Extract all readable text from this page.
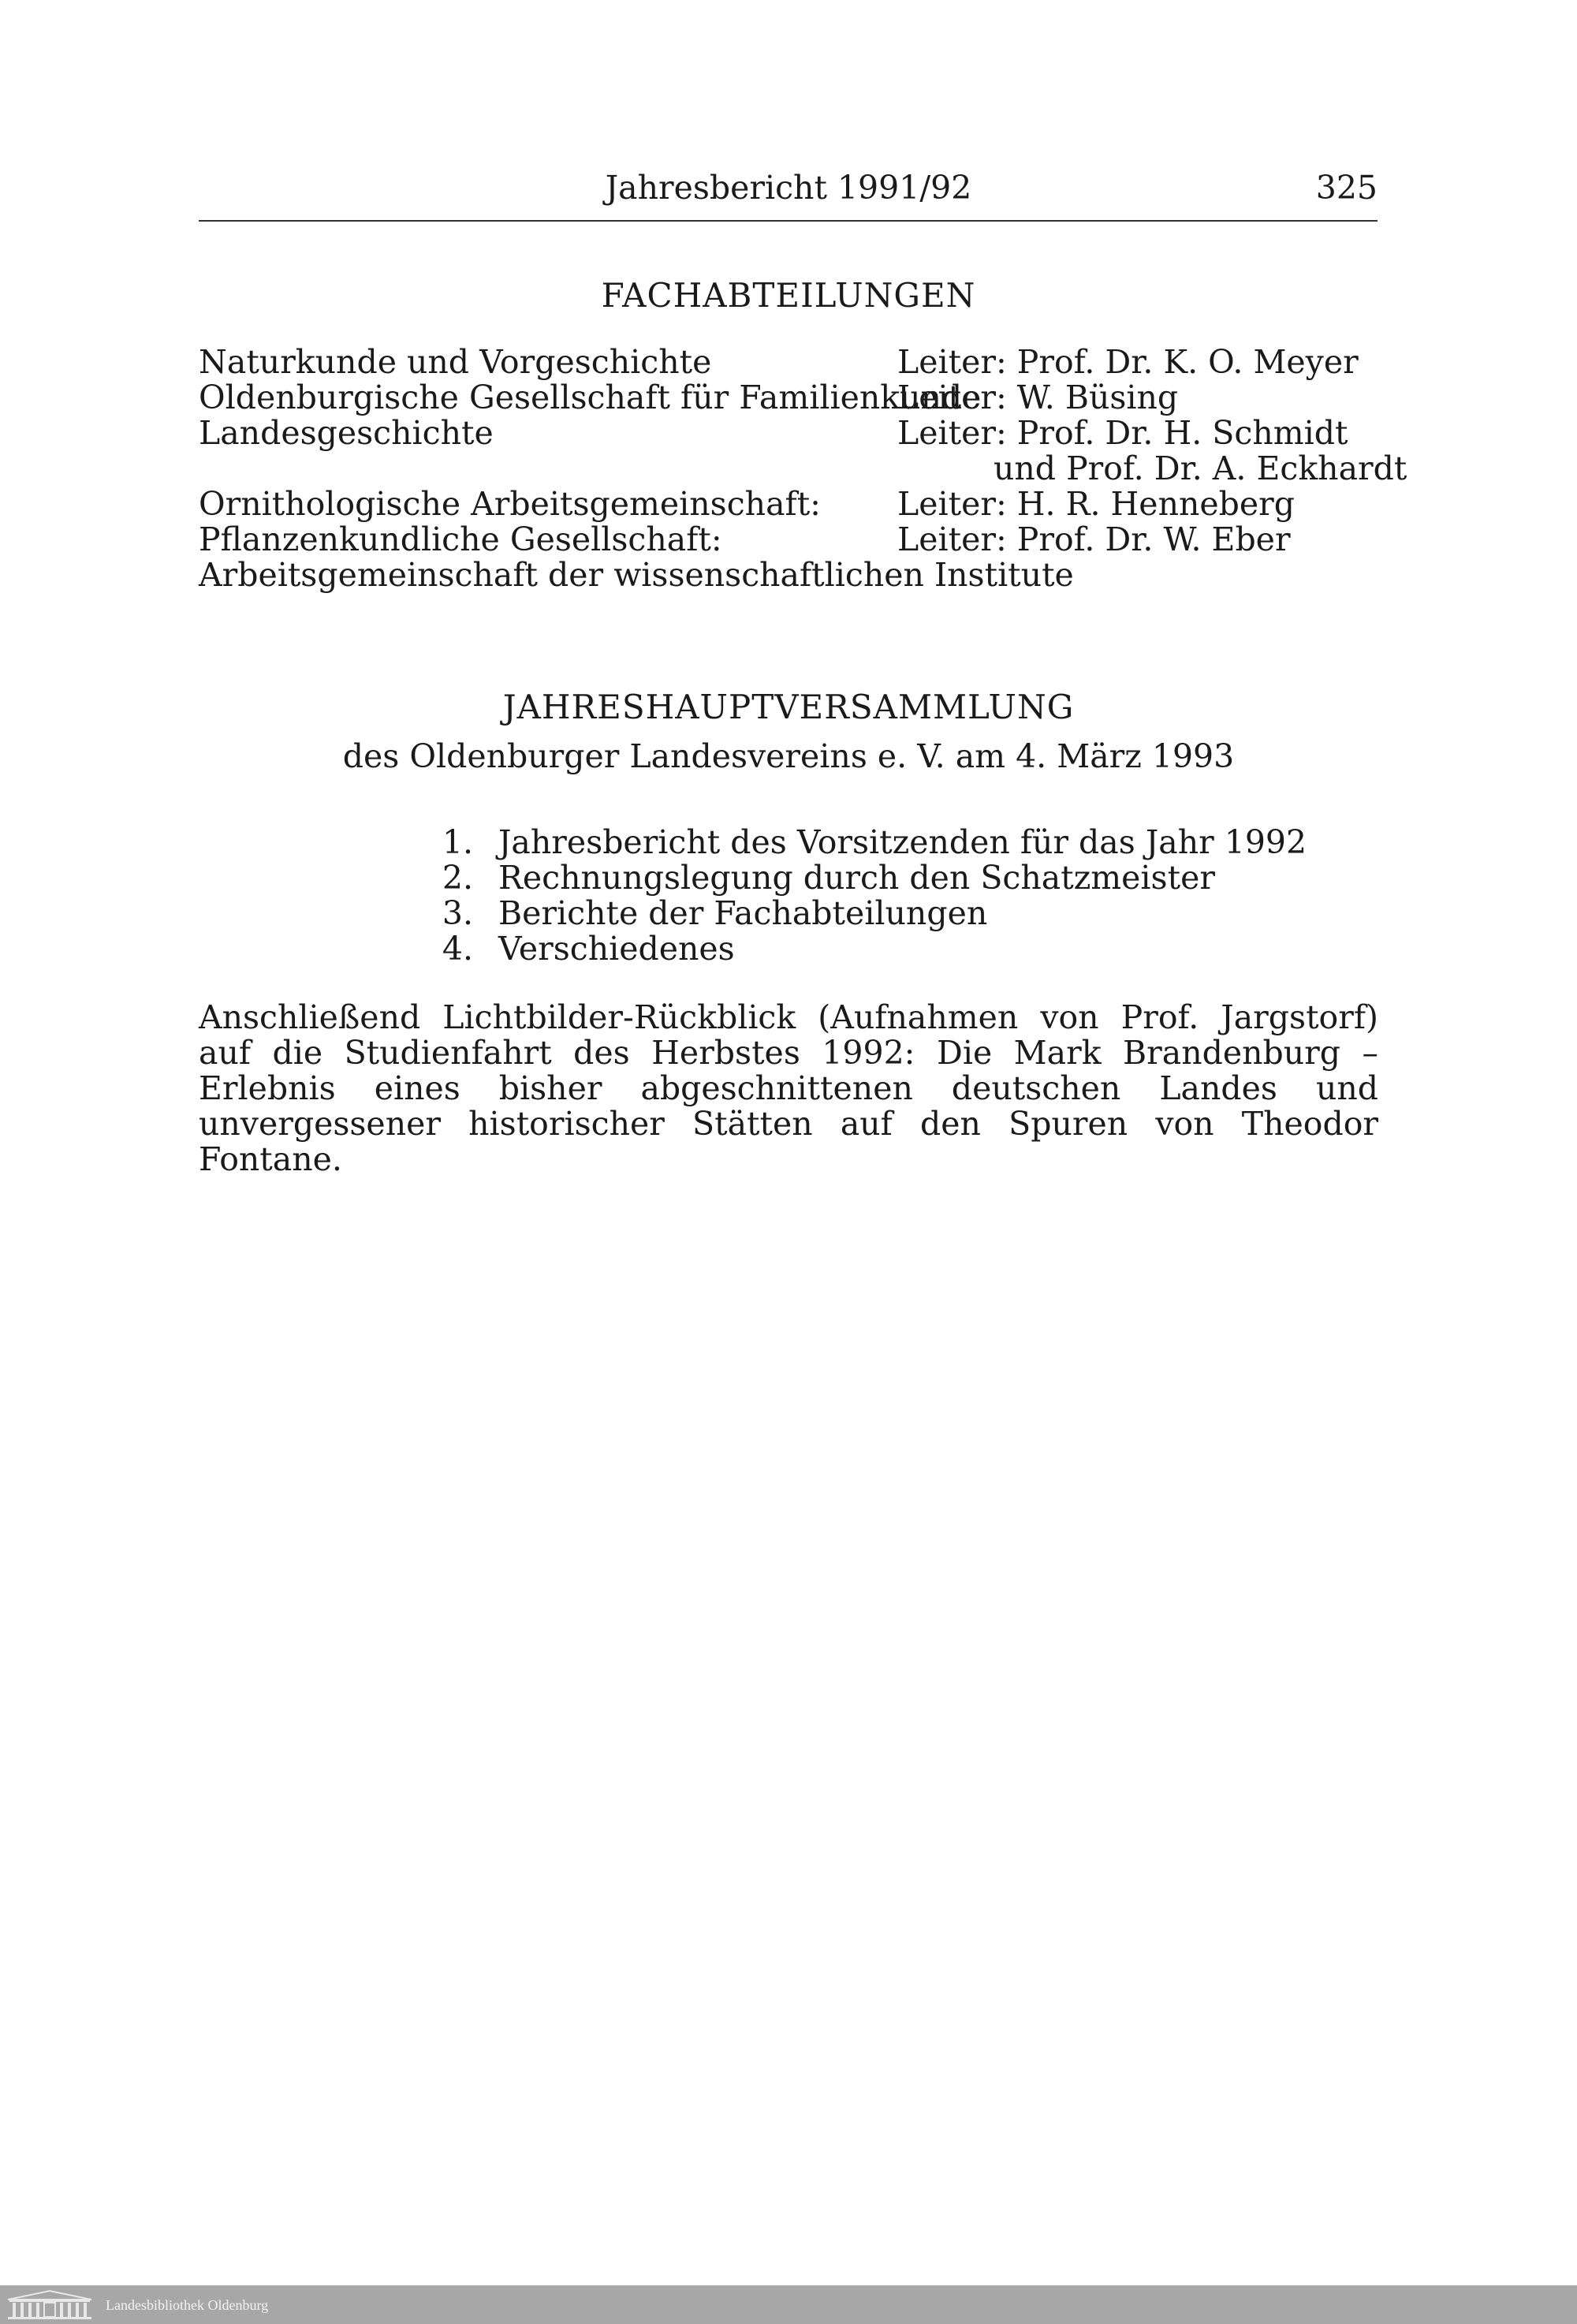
Jahresbericht 1991/92	325
FACHABTEILUNGEN
Naturkunde und Vorgeschichte	Leiter: Prof. Dr. K. O. Meyer
Oldenburgische Gesellschaft für Familienkunde
Leiter: W. Büsing
Landesgeschichte	Leiter: Prof. Dr. H. Schmidt
und Prof. Dr. A. Eckhardt
Ornithologische Arbeitsgemeinschaft: Leiter: H. R. Henneberg
Pflanzenkundliche Gesellschaft:	Leiter: Prof. Dr. W. Eber
Arbeitsgemeinschaft der wissenschaftlichen Institute
JAHRESHAUPTVERSAMMLUNG
des Oldenburger Landesvereins e. V. am 4. März 1993
1. Jahresbericht des Vorsitzenden für das Jahr 1992
2. Rechnungslegung durch den Schatzmeister
3. Berichte der Fachabteilungen
4. Verschiedenes
Anschließend Lichtbilder-Rückblick (Aufnahmen von Prof. Jargstorf) auf die Studienfahrt des Herbstes 1992: Die Mark Brandenburg – Erlebnis eines bisher abgeschnittenen deutschen Landes und unvergessener historischer Stätten auf den Spuren von Theodor Fontane.
Landesbibliothek Oldenburg
